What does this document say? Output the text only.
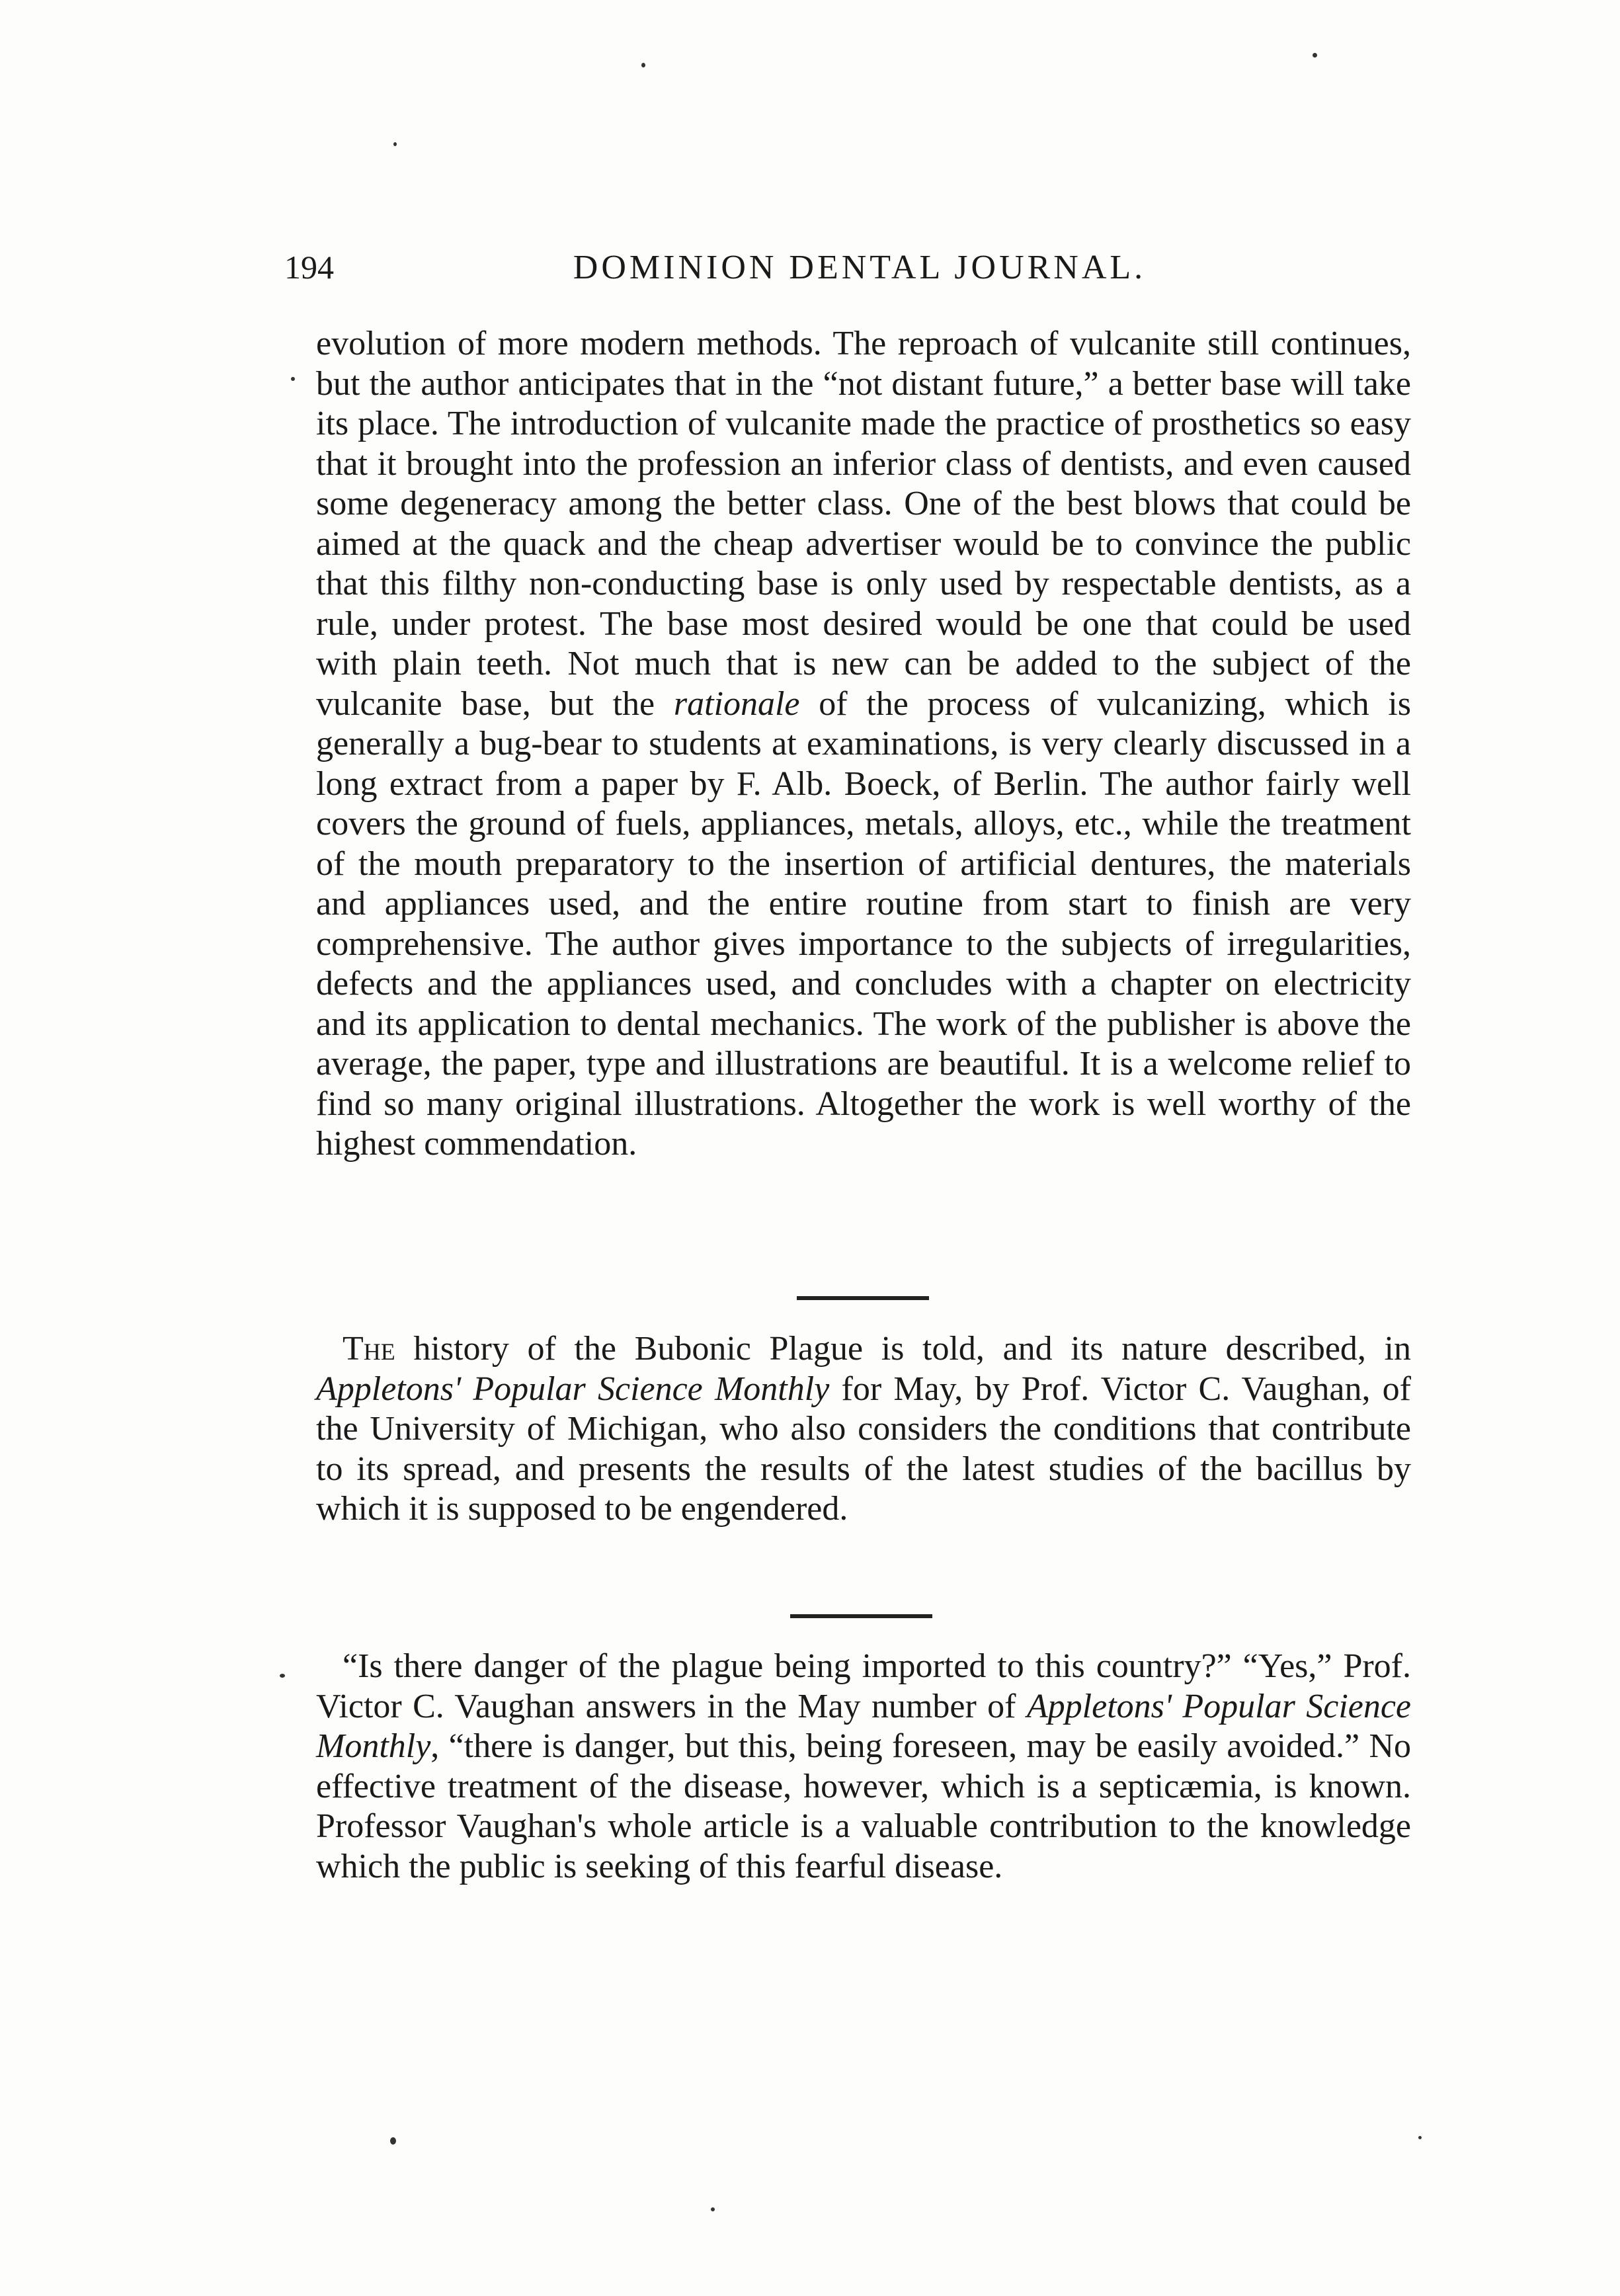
194	DOMINION DENTAL JOURNAL.

evolution of more modern methods. The reproach of vulcanite still continues, but the author anticipates that in the “not distant future,” a better base will take its place. The introduction of vulcanite made the practice of prosthetics so easy that it brought into the profession an inferior class of dentists, and even caused some degeneracy among the better class. One of the best blows that could be aimed at the quack and the cheap advertiser would be to convince the public that this filthy non-conducting base is only used by respectable dentists, as a rule, under protest. The base most desired would be one that could be used with plain teeth. Not much that is new can be added to the subject of the vulcanite base, but the rationale of the process of vulcanizing, which is generally a bug-bear to students at examinations, is very clearly discussed in a long extract from a paper by F. Alb. Boeck, of Berlin. The author fairly well covers the ground of fuels, appliances, metals, alloys, etc., while the treatment of the mouth preparatory to the insertion of artificial dentures, the materials and appliances used, and the entire routine from start to finish are very comprehensive. The author gives importance to the subjects of irregularities, defects and the appliances used, and concludes with a chapter on electricity and its application to dental mechanics. The work of the publisher is above the average, the paper, type and illustrations are beautiful. It is a welcome relief to find so many original illustrations. Altogether the work is well worthy of the highest commendation.

The history of the Bubonic Plague is told, and its nature described, in Appletons' Popular Science Monthly for May, by Prof. Victor C. Vaughan, of the University of Michigan, who also considers the conditions that contribute to its spread, and presents the results of the latest studies of the bacillus by which it is supposed to be engendered.

“Is there danger of the plague being imported to this country?” “Yes,” Prof. Victor C. Vaughan answers in the May number of Appletons' Popular Science Monthly, “there is danger, but this, being foreseen, may be easily avoided.” No effective treatment of the disease, however, which is a septicæmia, is known. Professor Vaughan's whole article is a valuable contribution to the knowledge which the public is seeking of this fearful disease.
